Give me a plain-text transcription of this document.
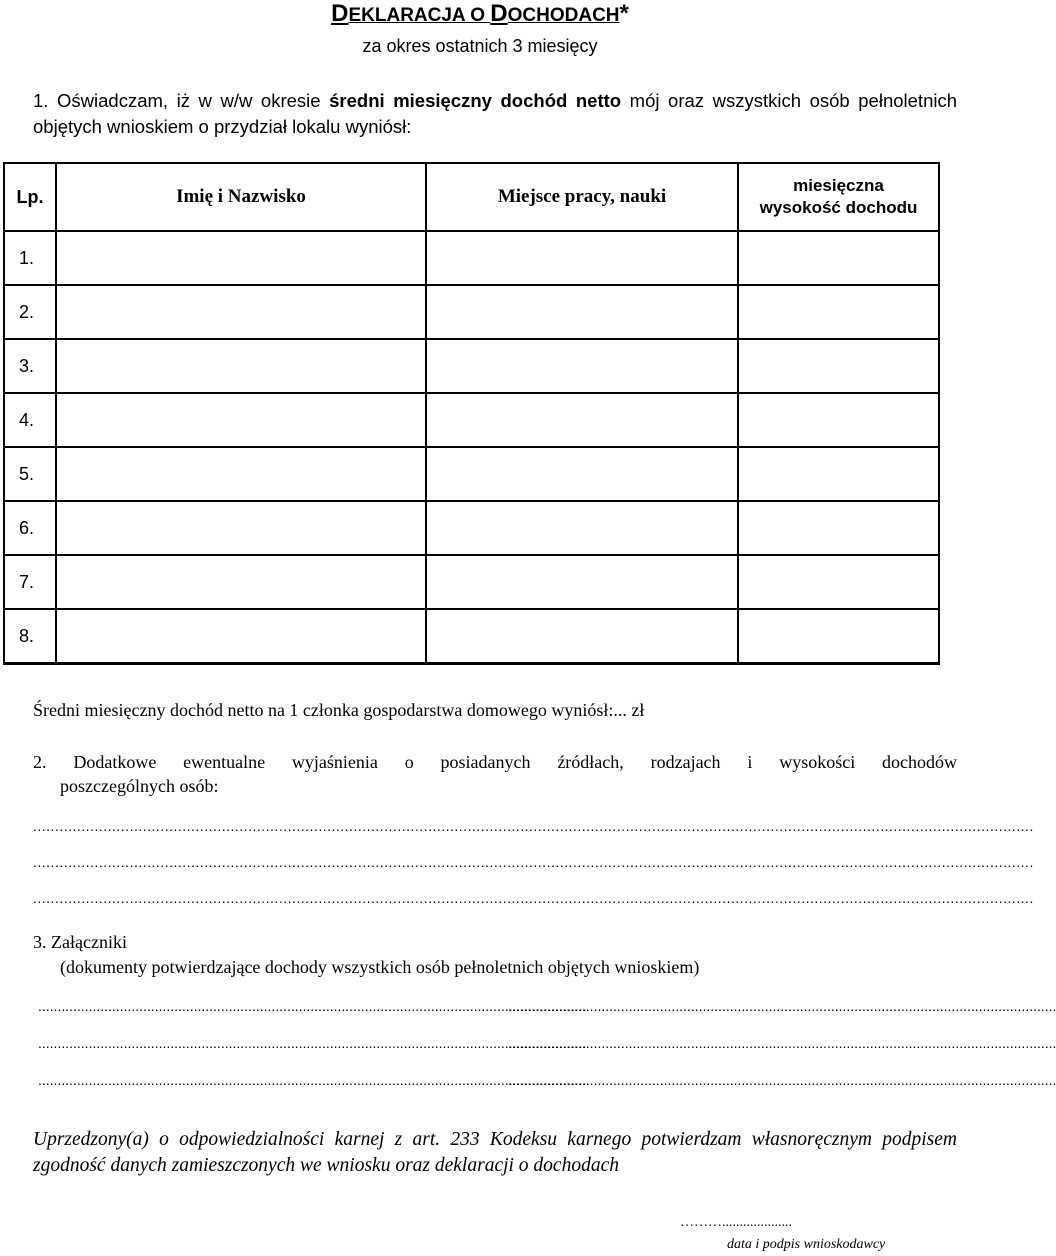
DEKLARACJA O DOCHODACH*
za okres ostatnich 3 miesięcy
1. Oświadczam, iż w w/w okresie średni miesięczny dochód netto mój oraz wszystkich osób pełnoletnich objętych wnioskiem o przydział lokalu wyniósł:
Lp.	Imię i Nazwisko	Miejsce pracy, nauki	miesięczna
wysokość dochodu
1.			
2.			
3.			
4.			
5.			
6.			
7.			
8.			
Średni miesięczny dochód netto na 1 członka gospodarstwa domowego wyniósł:... zł
2. Dodatkowe ewentualne wyjaśnienia o posiadanych źródłach, rodzajach i wysokości dochodów
poszczególnych osób:
....................................................................................................................................................................................................................................
....................................................................................................................................................................................................................................
....................................................................................................................................................................................................................................
3. Załączniki
(dokumenty potwierdzające dochody wszystkich osób pełnoletnich objętych wnioskiem)
.............................................................................................................................................
.............................................................................................................................................
.............................................................................................................................................
.............................................................................................................................................
.............................................................................................................................................
.............................................................................................................................................
Uprzedzony(a) o odpowiedzialności karnej z art. 233 Kodeksu karnego potwierdzam własnoręcznym podpisem zgodność danych zamieszczonych we wniosku oraz deklaracji o dochodach
………....................
data i podpis wnioskodawcy
